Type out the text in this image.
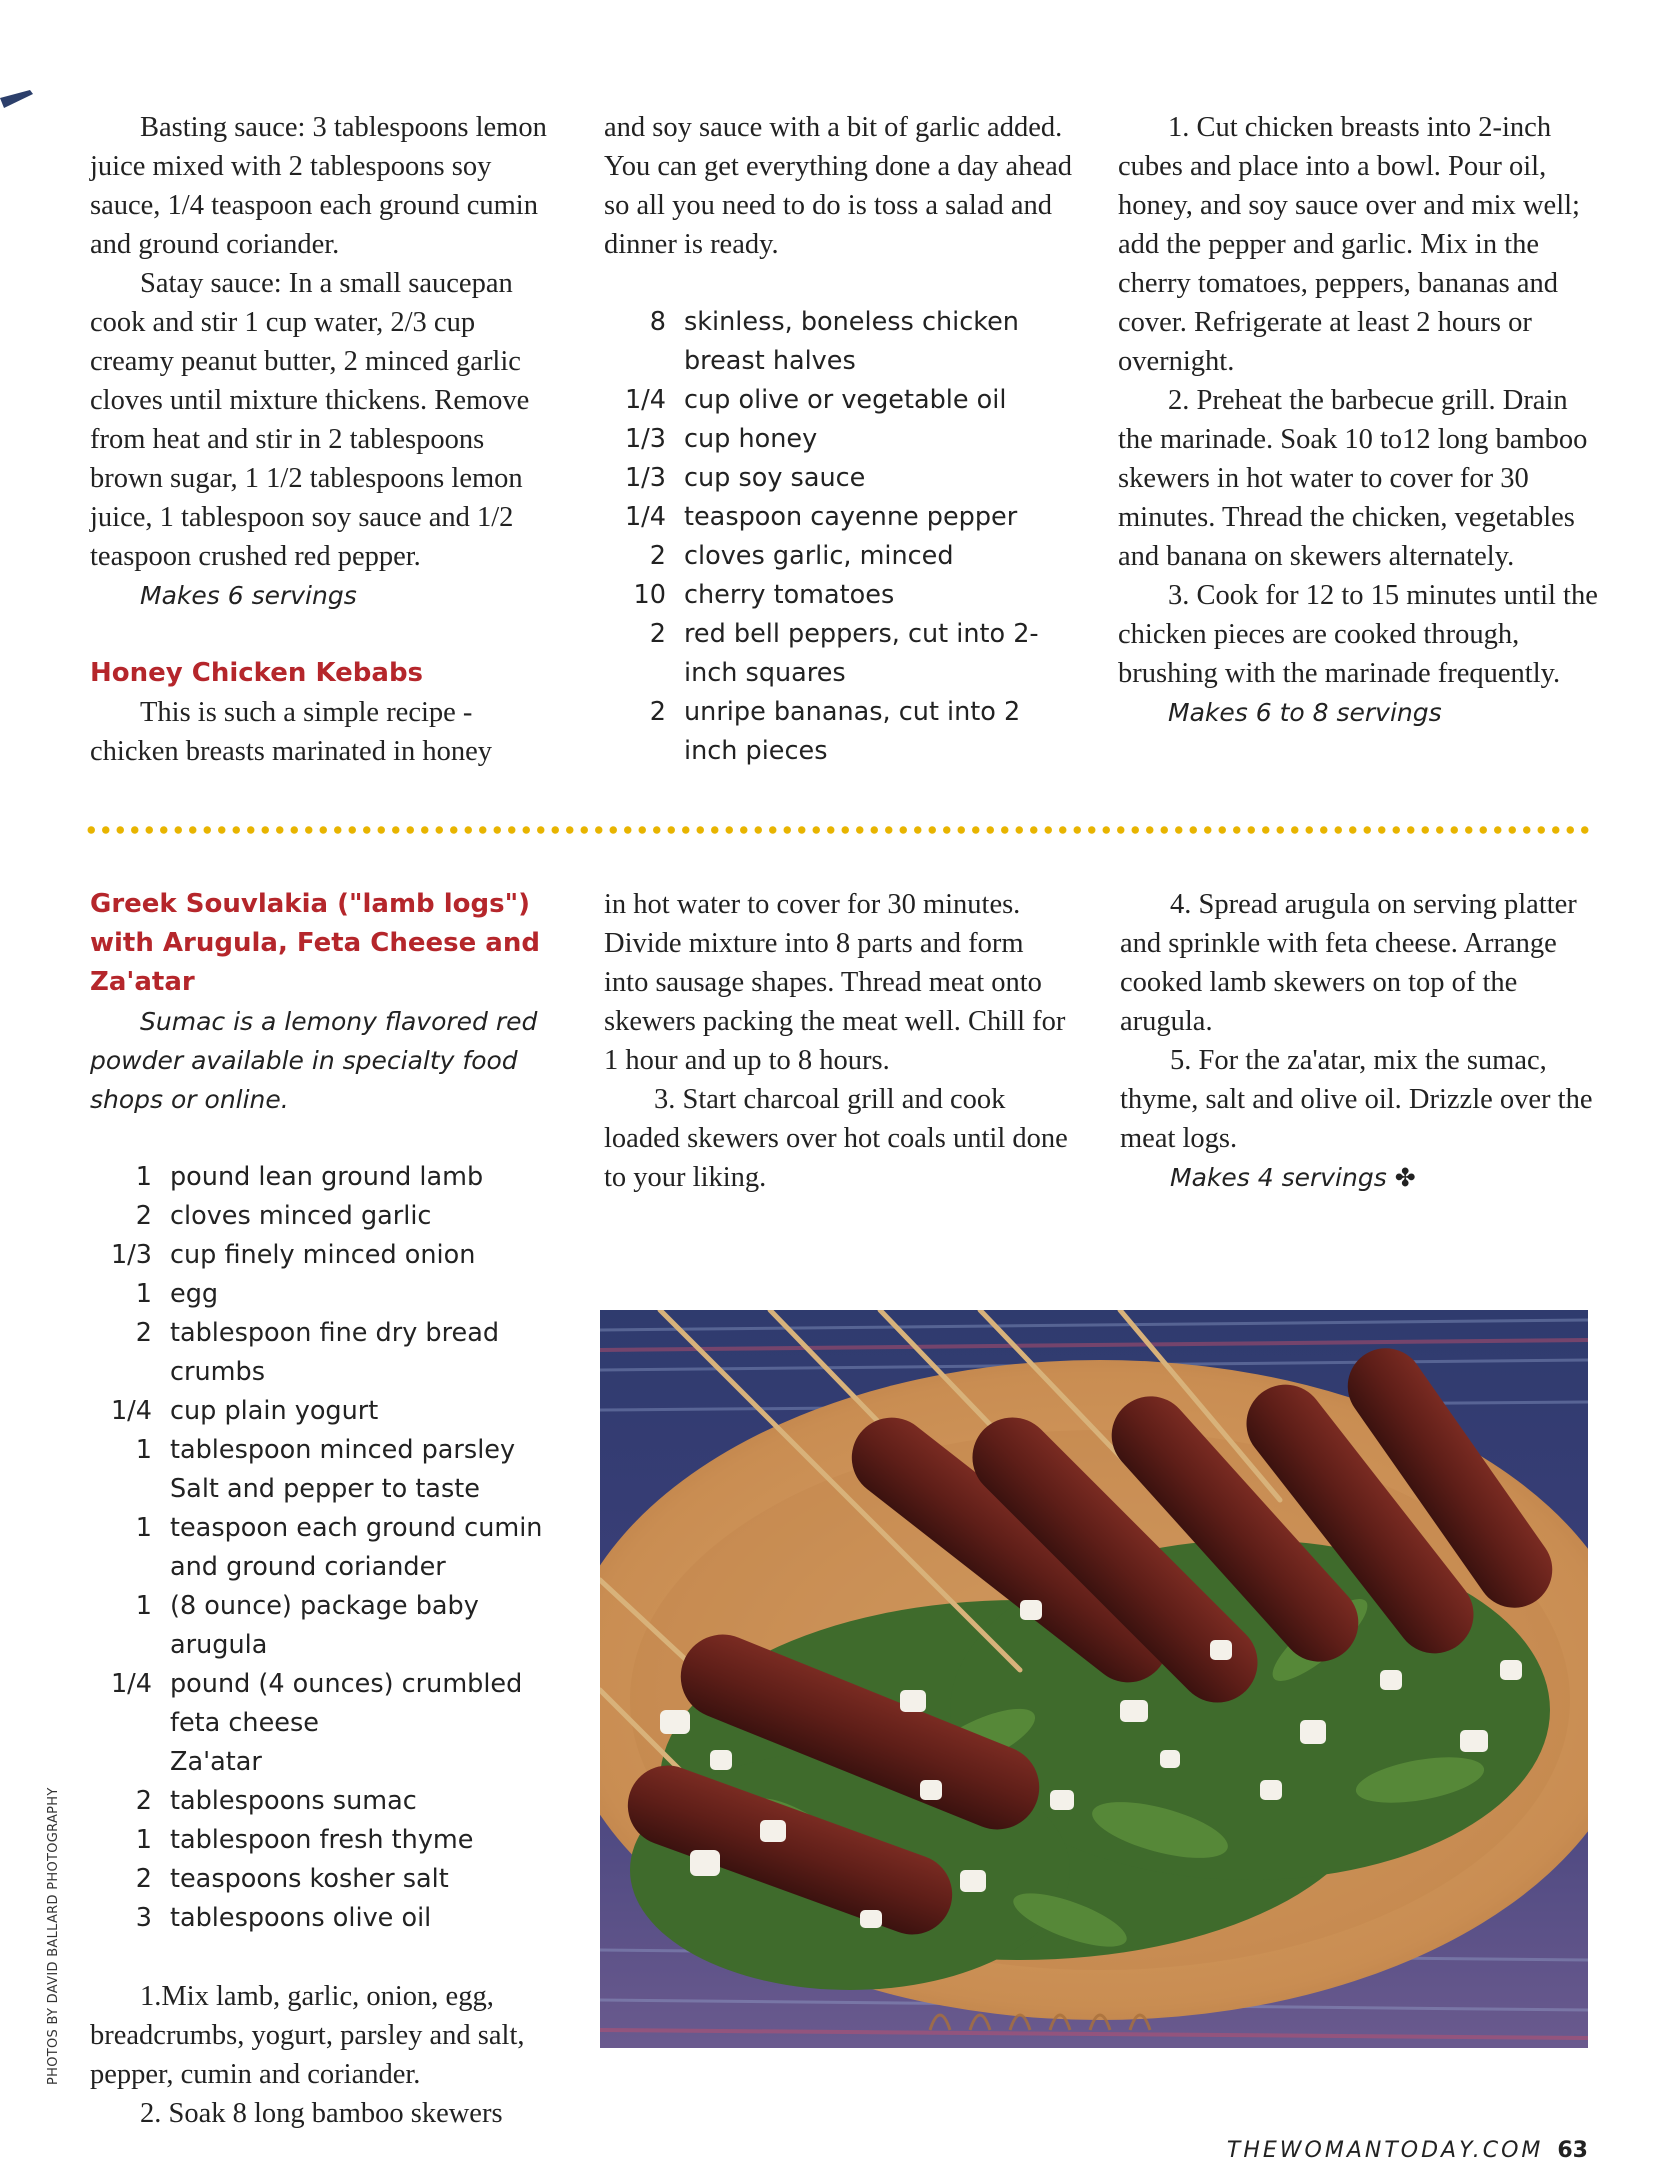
Basting sauce: 3 tablespoons lemon juice mixed with 2 tablespoons soy sauce, 1/4 teaspoon each ground cumin and ground coriander.

Satay sauce: In a small saucepan cook and stir 1 cup water, 2/3 cup creamy peanut butter, 2 minced garlic cloves until mixture thickens. Remove from heat and stir in 2 tablespoons brown sugar, 1 1/2 tablespoons lemon juice, 1 tablespoon soy sauce and 1/2 teaspoon crushed red pepper.

Makes 6 servings

Honey Chicken Kebabs

This is such a simple recipe - chicken breasts marinated in honey

and soy sauce with a bit of garlic added. You can get everything done a day ahead so all you need to do is toss a salad and dinner is ready.

8 skinless, boneless chicken breast halves
1/4 cup olive or vegetable oil
1/3 cup honey
1/3 cup soy sauce
1/4 teaspoon cayenne pepper
2 cloves garlic, minced
10 cherry tomatoes
2 red bell peppers, cut into 2-inch squares
2 unripe bananas, cut into 2 inch pieces

1. Cut chicken breasts into 2-inch cubes and place into a bowl. Pour oil, honey, and soy sauce over and mix well; add the pepper and garlic. Mix in the cherry tomatoes, peppers, bananas and cover. Refrigerate at least 2 hours or overnight.

2. Preheat the barbecue grill. Drain the marinade. Soak 10 to12 long bamboo skewers in hot water to cover for 30 minutes. Thread the chicken, vegetables and banana on skewers alternately.

3. Cook for 12 to 15 minutes until the chicken pieces are cooked through, brushing with the marinade frequently.

Makes 6 to 8 servings

Greek Souvlakia ("lamb logs") with Arugula, Feta Cheese and Za'atar

Sumac is a lemony flavored red powder available in specialty food shops or online.

1 pound lean ground lamb
2 cloves minced garlic
1/3 cup finely minced onion
1 egg
2 tablespoon fine dry bread crumbs
1/4 cup plain yogurt
1 tablespoon minced parsley
Salt and pepper to taste
1 teaspoon each ground cumin and ground coriander
1 (8 ounce) package baby arugula
1/4 pound (4 ounces) crumbled feta cheese
Za'atar
2 tablespoons sumac
1 tablespoon fresh thyme
2 teaspoons kosher salt
3 tablespoons olive oil

1.Mix lamb, garlic, onion, egg, breadcrumbs, yogurt, parsley and salt, pepper, cumin and coriander.

2. Soak 8 long bamboo skewers

in hot water to cover for 30 minutes. Divide mixture into 8 parts and form into sausage shapes. Thread meat onto skewers packing the meat well. Chill for 1 hour and up to 8 hours.

3. Start charcoal grill and cook loaded skewers over hot coals until done to your liking.

4. Spread arugula on serving platter and sprinkle with feta cheese. Arrange cooked lamb skewers on top of the arugula.

5. For the za'atar, mix the sumac, thyme, salt and olive oil. Drizzle over the meat logs.

Makes 4 servings ✤

PHOTOS BY DAVID BALLARD PHOTOGRAPHY
THEWOMANTODAY.COM 63
